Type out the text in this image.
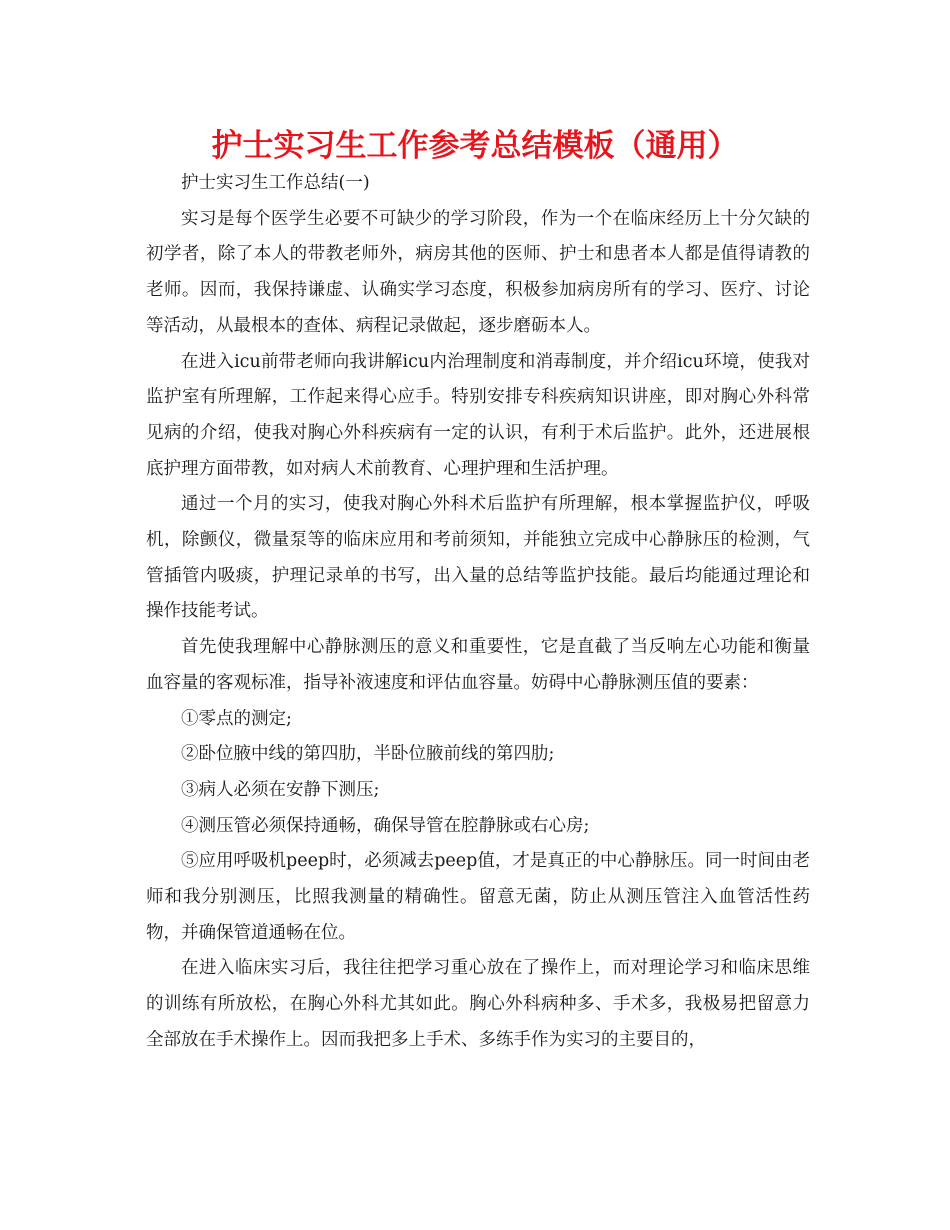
护士实习生工作参考总结模板（通用）

护士实习生工作总结(一)

实习是每个医学生必要不可缺少的学习阶段，作为一个在临床经历上十分欠缺的初学者，除了本人的带教老师外，病房其他的医师、护士和患者本人都是值得请教的老师。因而，我保持谦虚、认确实学习态度，积极参加病房所有的学习、医疗、讨论等活动，从最根本的查体、病程记录做起，逐步磨砺本人。

在进入icu前带老师向我讲解icu内治理制度和消毒制度，并介绍icu环境，使我对监护室有所理解，工作起来得心应手。特别安排专科疾病知识讲座，即对胸心外科常见病的介绍，使我对胸心外科疾病有一定的认识，有利于术后监护。此外，还进展根底护理方面带教，如对病人术前教育、心理护理和生活护理。

通过一个月的实习，使我对胸心外科术后监护有所理解，根本掌握监护仪，呼吸机，除颤仪，微量泵等的临床应用和考前须知，并能独立完成中心静脉压的检测，气管插管内吸痰，护理记录单的书写，出入量的总结等监护技能。最后均能通过理论和操作技能考试。

首先使我理解中心静脉测压的意义和重要性，它是直截了当反响左心功能和衡量血容量的客观标准，指导补液速度和评估血容量。妨碍中心静脉测压值的要素：

①零点的测定;

②卧位腋中线的第四肋，半卧位腋前线的第四肋;

③病人必须在安静下测压;

④测压管必须保持通畅，确保导管在腔静脉或右心房;

⑤应用呼吸机peep时，必须减去peep值，才是真正的中心静脉压。同一时间由老师和我分别测压，比照我测量的精确性。留意无菌，防止从测压管注入血管活性药物，并确保管道通畅在位。

在进入临床实习后，我往往把学习重心放在了操作上，而对理论学习和临床思维的训练有所放松，在胸心外科尤其如此。胸心外科病种多、手术多，我极易把留意力全部放在手术操作上。因而我把多上手术、多练手作为实习的主要目的，
